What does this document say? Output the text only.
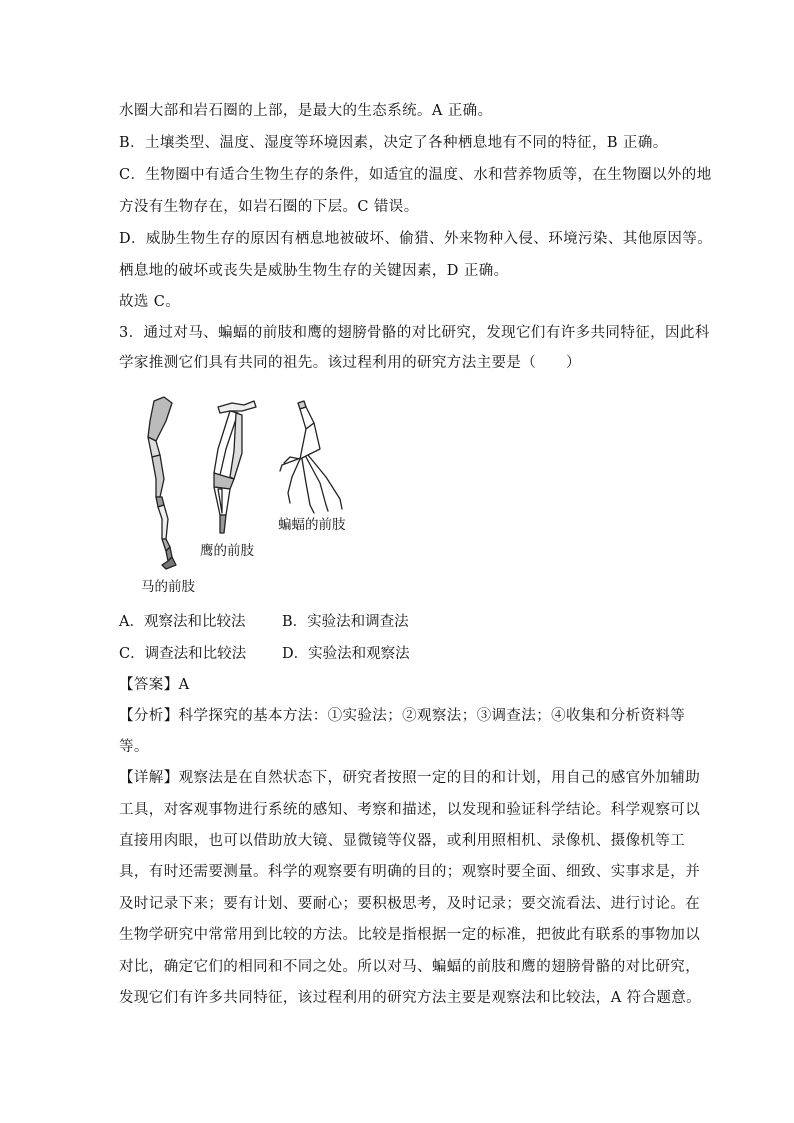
水圈大部和岩石圈的上部，是最大的生态系统。A 正确。
B．土壤类型、温度、湿度等环境因素，决定了各种栖息地有不同的特征，B 正确。
C．生物圈中有适合生物生存的条件，如适宜的温度、水和营养物质等，在生物圈以外的地
方没有生物存在，如岩石圈的下层。C 错误。
D．威胁生物生存的原因有栖息地被破坏、偷猎、外来物种入侵、环境污染、其他原因等。
栖息地的破坏或丧失是威胁生物生存的关键因素，D 正确。
故选 C。
3．通过对马、蝙蝠的前肢和鹰的翅膀骨骼的对比研究，发现它们有许多共同特征，因此科
学家推测它们具有共同的祖先。该过程利用的研究方法主要是（　　）
蝙蝠的前肢
鹰的前肢
马的前肢
A．观察法和比较法	B．实验法和调查法
C．调查法和比较法 D．实验法和观察法
【答案】A
【分析】科学探究的基本方法：①实验法；②观察法；③调查法；④收集和分析资料等
等。
【详解】观察法是在自然状态下，研究者按照一定的目的和计划，用自己的感官外加辅助
工具，对客观事物进行系统的感知、考察和描述，以发现和验证科学结论。科学观察可以
直接用肉眼，也可以借助放大镜、显微镜等仪器，或利用照相机、录像机、摄像机等工
具，有时还需要测量。科学的观察要有明确的目的；观察时要全面、细致、实事求是，并
及时记录下来；要有计划、要耐心；要积极思考，及时记录；要交流看法、进行讨论。在
生物学研究中常常用到比较的方法。比较是指根据一定的标准，把彼此有联系的事物加以
对比，确定它们的相同和不同之处。所以对马、蝙蝠的前肢和鹰的翅膀骨骼的对比研究，
发现它们有许多共同特征，该过程利用的研究方法主要是观察法和比较法，A 符合题意。
